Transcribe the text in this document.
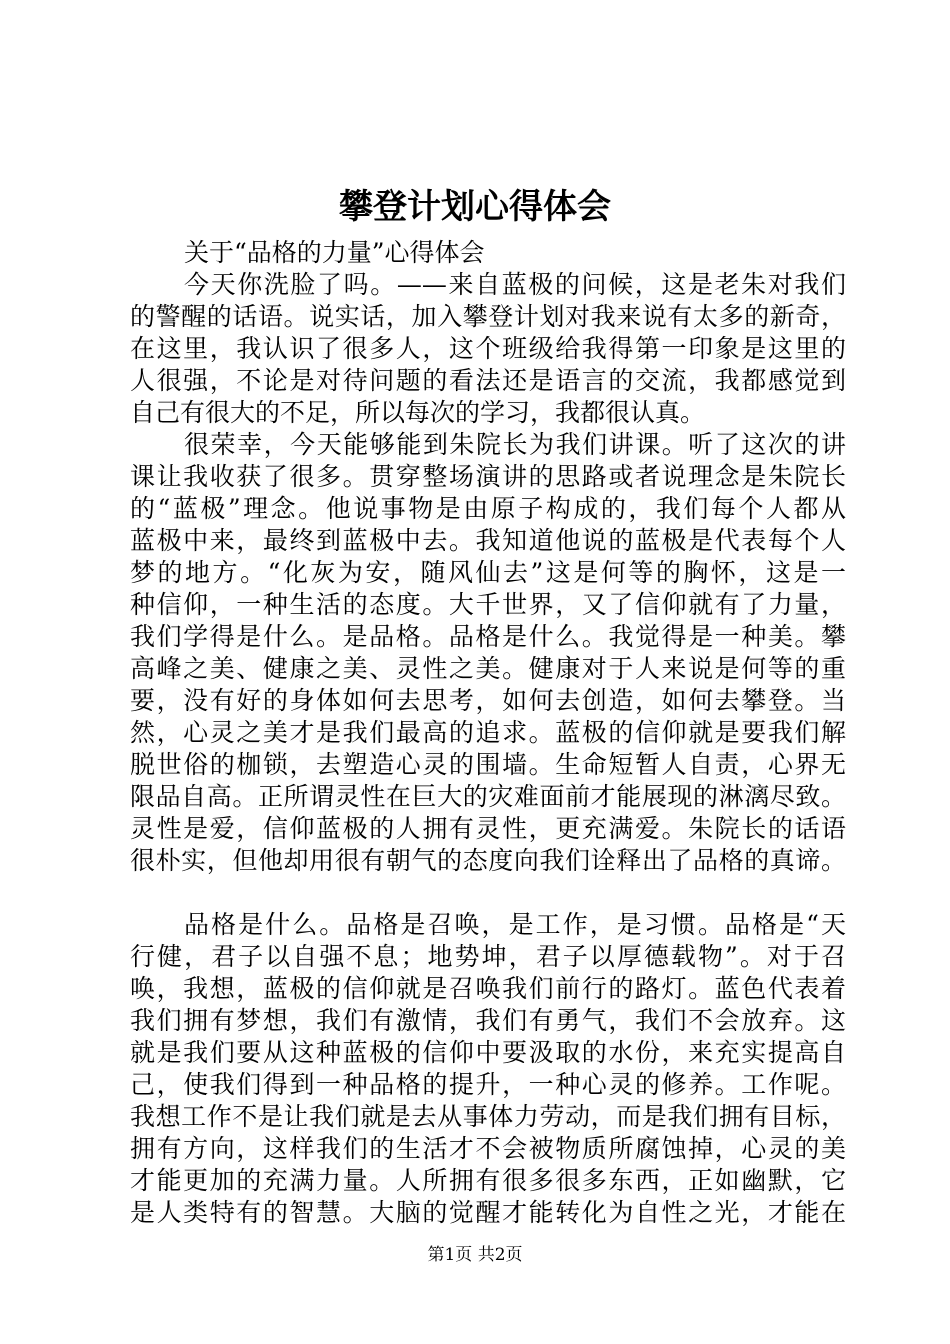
攀登计划心得体会
关于“品格的力量”心得体会
今天你洗脸了吗。——来自蓝极的问候，这是老朱对我们
的警醒的话语。说实话，加入攀登计划对我来说有太多的新奇，
在这里，我认识了很多人，这个班级给我得第一印象是这里的
人很强，不论是对待问题的看法还是语言的交流，我都感觉到
自己有很大的不足，所以每次的学习，我都很认真。
很荣幸，今天能够能到朱院长为我们讲课。听了这次的讲
课让我收获了很多。贯穿整场演讲的思路或者说理念是朱院长
的“蓝极”理念。他说事物是由原子构成的，我们每个人都从
蓝极中来，最终到蓝极中去。我知道他说的蓝极是代表每个人
梦的地方。“化灰为安，随风仙去”这是何等的胸怀，这是一
种信仰，一种生活的态度。大千世界，又了信仰就有了力量，
我们学得是什么。是品格。品格是什么。我觉得是一种美。攀
高峰之美、健康之美、灵性之美。健康对于人来说是何等的重
要，没有好的身体如何去思考，如何去创造，如何去攀登。当
然，心灵之美才是我们最高的追求。蓝极的信仰就是要我们解
脱世俗的枷锁，去塑造心灵的围墙。生命短暂人自责，心界无
限品自高。正所谓灵性在巨大的灾难面前才能展现的淋漓尽致。
灵性是爱，信仰蓝极的人拥有灵性，更充满爱。朱院长的话语
很朴实，但他却用很有朝气的态度向我们诠释出了品格的真谛。
品格是什么。品格是召唤，是工作，是习惯。品格是“天
行健，君子以自强不息；地势坤，君子以厚德载物”。对于召
唤，我想，蓝极的信仰就是召唤我们前行的路灯。蓝色代表着
我们拥有梦想，我们有激情，我们有勇气，我们不会放弃。这
就是我们要从这种蓝极的信仰中要汲取的水份，来充实提高自
己，使我们得到一种品格的提升，一种心灵的修养。工作呢。
我想工作不是让我们就是去从事体力劳动，而是我们拥有目标，
拥有方向，这样我们的生活才不会被物质所腐蚀掉，心灵的美
才能更加的充满力量。人所拥有很多很多东西，正如幽默，它
是人类特有的智慧。大脑的觉醒才能转化为自性之光，才能在
第1页 共2页
